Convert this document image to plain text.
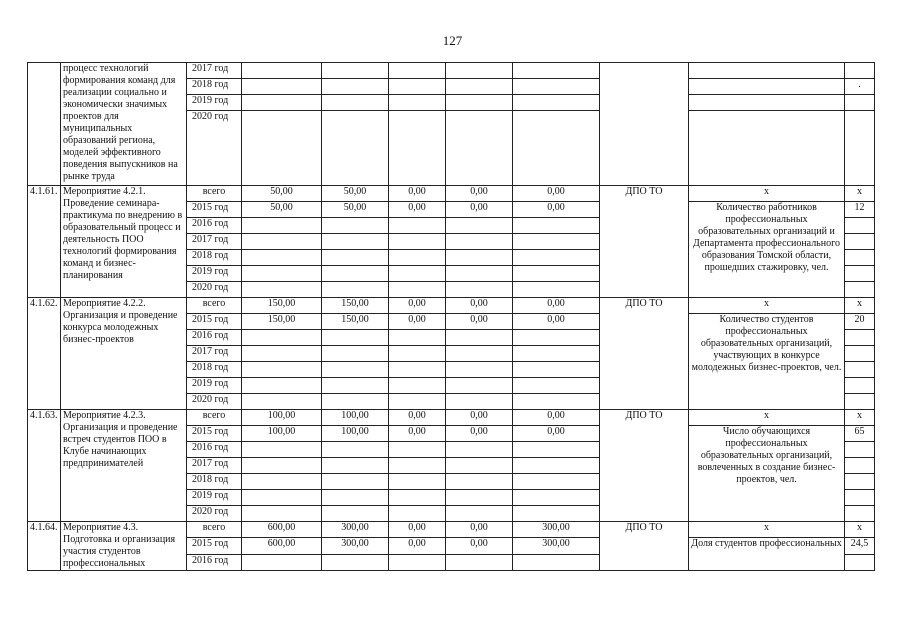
127
	процесс технологий формирования команд для реализации социально и экономически значимых проектов для муниципальных образований региона, моделей эффективного поведения выпускников на рынке труда	2017 год								
		2018 год								.
		2019 год								
		2020 год								
4.1.61.	Мероприятие 4.2.1. Проведение семинара-практикума по внедрению в образовательный процесс и деятельность ПОО технологий формирования команд и бизнес-планирования	всего	50,00	50,00	0,00	0,00	0,00	ДПО ТО	х	х
		2015 год	50,00	50,00	0,00	0,00	0,00		Количество работников профессиональных образовательных организаций и Департамента профессионального образования Томской области, прошедших стажировку, чел.	12
		2016 год								
		2017 год								
		2018 год								
		2019 год								
		2020 год								
4.1.62.	Мероприятие 4.2.2. Организация и проведение конкурса молодежных бизнес-проектов	всего	150,00	150,00	0,00	0,00	0,00	ДПО ТО	х	х
		2015 год	150,00	150,00	0,00	0,00	0,00		Количество студентов профессиональных образовательных организаций, участвующих в конкурсе молодежных бизнес-проектов, чел.	20
		2016 год								
		2017 год								
		2018 год								
		2019 год								
		2020 год								
4.1.63.	Мероприятие 4.2.3. Организация и проведение встреч студентов ПОО в Клубе начинающих предпринимателей	всего	100,00	100,00	0,00	0,00	0,00	ДПО ТО	х	х
		2015 год	100,00	100,00	0,00	0,00	0,00		Число обучающихся профессиональных образовательных организаций, вовлеченных в создание бизнес-проектов, чел.	65
		2016 год								
		2017 год								
		2018 год								
		2019 год								
		2020 год								
4.1.64.	Мероприятие 4.3. Подготовка и организация участия студентов профессиональных	всего	600,00	300,00	0,00	0,00	300,00	ДПО ТО	х	х
		2015 год	600,00	300,00	0,00	0,00	300,00		Доля студентов профессиональных	24,5
		2016 год								
